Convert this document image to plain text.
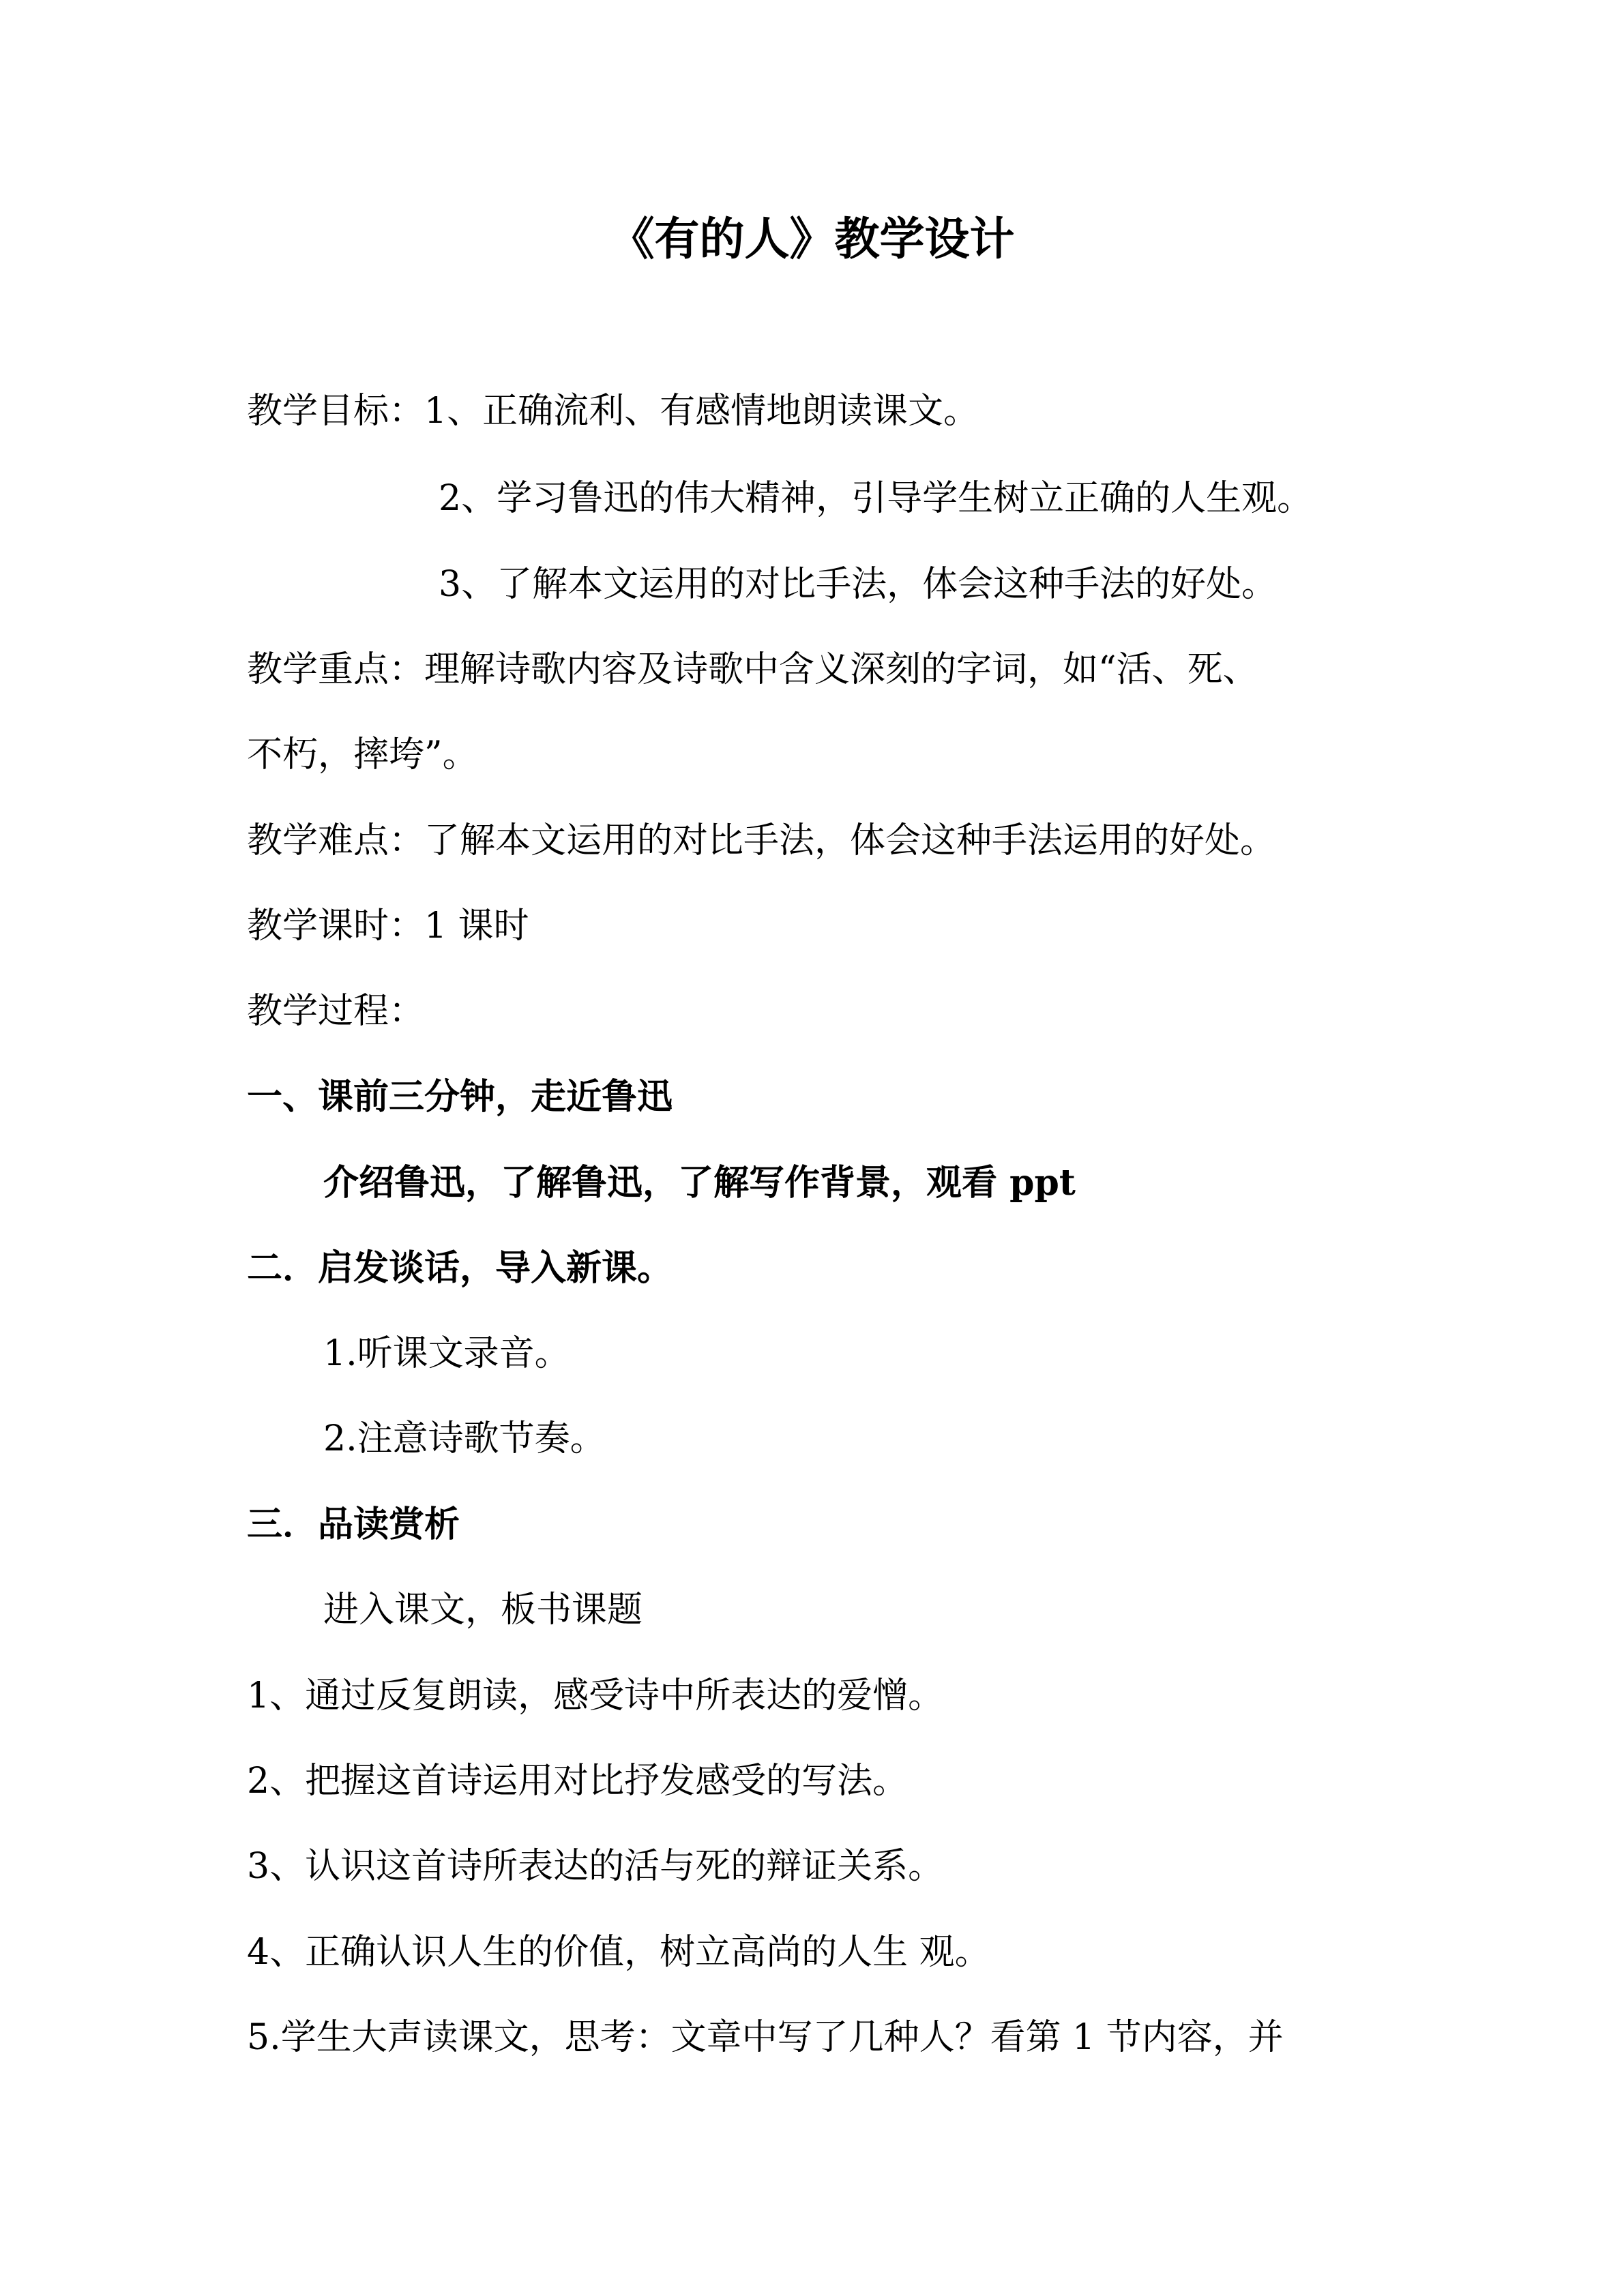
《有的人》教学设计
教学目标：1、正确流利、有感情地朗读课文。
2、学习鲁迅的伟大精神，引导学生树立正确的人生观。
3、了解本文运用的对比手法，体会这种手法的好处。
教学重点：理解诗歌内容及诗歌中含义深刻的字词，如“活、死、
不朽，摔垮”。
教学难点：了解本文运用的对比手法，体会这种手法运用的好处。
教学课时：1 课时
教学过程：
一、课前三分钟，走近鲁迅
介绍鲁迅，了解鲁迅，了解写作背景，观看 ppt
二．启发谈话，导入新课。
1.听课文录音。
2.注意诗歌节奏。
三．品读赏析
进入课文，板书课题
1、通过反复朗读，感受诗中所表达的爱憎。
2、把握这首诗运用对比抒发感受的写法。
3、认识这首诗所表达的活与死的辩证关系。
4、正确认识人生的价值，树立高尚的人生 观。
5.学生大声读课文，思考：文章中写了几种人？看第 1 节内容，并
